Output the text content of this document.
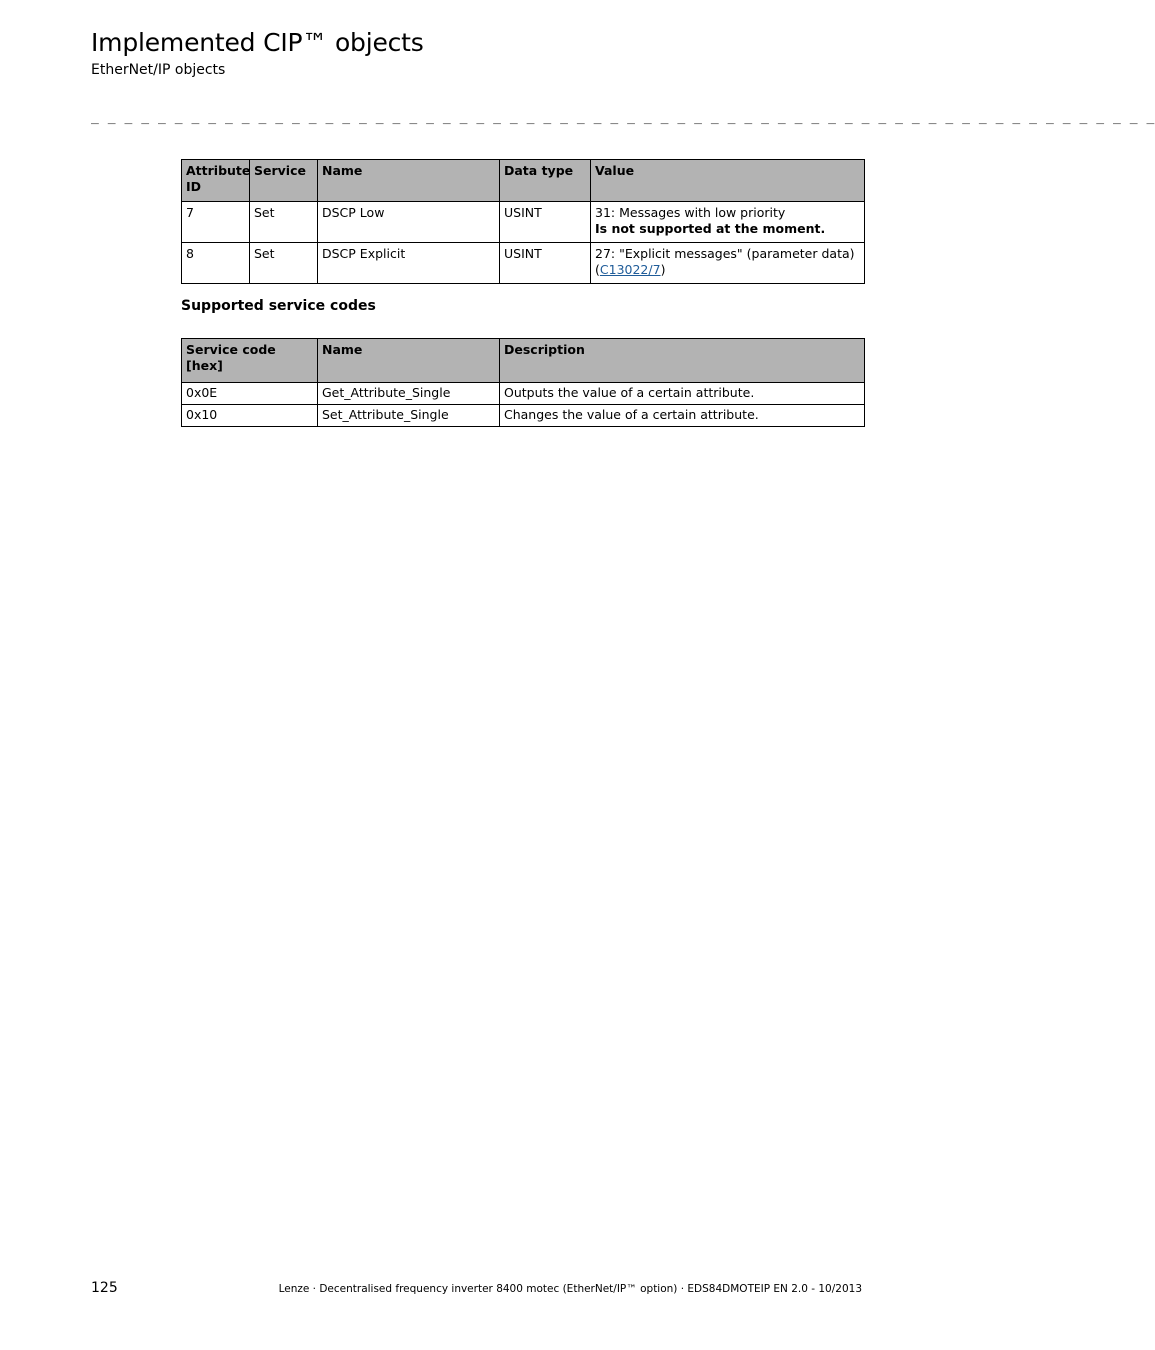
Implemented CIP™ objects
EtherNet/IP objects
_ _ _ _ _ _ _ _ _ _ _ _ _ _ _ _ _ _ _ _ _ _ _ _ _ _ _ _ _ _ _ _ _ _ _ _ _ _ _ _ _ _ _ _ _ _ _ _ _ _ _ _ _ _ _ _ _ _ _ _ _ _ _ _
Attribute ID	Service	Name	Data type	Value
7	Set	DSCP Low	USINT	31: Messages with low priority
Is not supported at the moment.

8	Set	DSCP Explicit	USINT	27: "Explicit messages" (parameter data)
(C13022/7)
Supported service codes
Service code [hex]	Name	Description
0x0E	Get_Attribute_Single	Outputs the value of a certain attribute.
0x10	Set_Attribute_Single	Changes the value of a certain attribute.
125	Lenze · Decentralised frequency inverter 8400 motec (EtherNet/IP™ option) · EDS84DMOTEIP EN 2.0 - 10/2013
